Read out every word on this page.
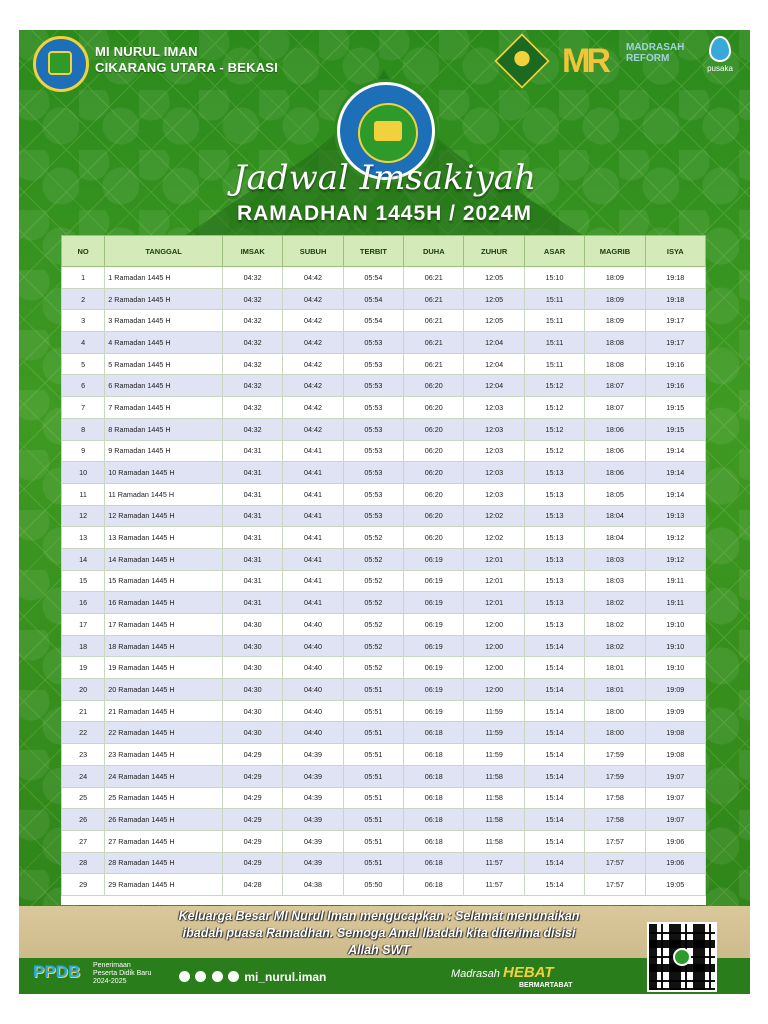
MI NURUL IMAN
CIKARANG UTARA - BEKASI	MR MADRASAH REFORM
pusaka
Jadwal Imsakiyah
RAMADHAN 1445H / 2024M
NO	TANGGAL	IMSAK	SUBUH	TERBIT	DUHA	ZUHUR	ASAR	MAGRIB	ISYA
1	1 Ramadan 1445 H	04:32	04:42	05:54	06:21	12:05	15:10	18:09	19:18
2	2 Ramadan 1445 H	04:32	04:42	05:54	06:21	12:05	15:11	18:09	19:18
3	3 Ramadan 1445 H	04:32	04:42	05:54	06:21	12:05	15:11	18:09	19:17
4	4 Ramadan 1445 H	04:32	04:42	05:53	06:21	12:04	15:11	18:08	19:17
5	5 Ramadan 1445 H	04:32	04:42	05:53	06:21	12:04	15:11	18:08	19:16
6	6 Ramadan 1445 H	04:32	04:42	05:53	06:20	12:04	15:12	18:07	19:16
7	7 Ramadan 1445 H	04:32	04:42	05:53	06:20	12:03	15:12	18:07	19:15
8	8 Ramadan 1445 H	04:32	04:42	05:53	06:20	12:03	15:12	18:06	19:15
9	9 Ramadan 1445 H	04:31	04:41	05:53	06:20	12:03	15:12	18:06	19:14
10	10 Ramadan 1445 H	04:31	04:41	05:53	06:20	12:03	15:13	18:06	19:14
11	11 Ramadan 1445 H	04:31	04:41	05:53	06:20	12:03	15:13	18:05	19:14
12	12 Ramadan 1445 H	04:31	04:41	05:53	06:20	12:02	15:13	18:04	19:13
13	13 Ramadan 1445 H	04:31	04:41	05:52	06:20	12:02	15:13	18:04	19:12
14	14 Ramadan 1445 H	04:31	04:41	05:52	06:19	12:01	15:13	18:03	19:12
15	15 Ramadan 1445 H	04:31	04:41	05:52	06:19	12:01	15:13	18:03	19:11
16	16 Ramadan 1445 H	04:31	04:41	05:52	06:19	12:01	15:13	18:02	19:11
17	17 Ramadan 1445 H	04:30	04:40	05:52	06:19	12:00	15:13	18:02	19:10
18	18 Ramadan 1445 H	04:30	04:40	05:52	06:19	12:00	15:14	18:02	19:10
19	19 Ramadan 1445 H	04:30	04:40	05:52	06:19	12:00	15:14	18:01	19:10
20	20 Ramadan 1445 H	04:30	04:40	05:51	06:19	12:00	15:14	18:01	19:09
21	21 Ramadan 1445 H	04:30	04:40	05:51	06:19	11:59	15:14	18:00	19:09
22	22 Ramadan 1445 H	04:30	04:40	05:51	06:18	11:59	15:14	18:00	19:08
23	23 Ramadan 1445 H	04:29	04:39	05:51	06:18	11:59	15:14	17:59	19:08
24	24 Ramadan 1445 H	04:29	04:39	05:51	06:18	11:58	15:14	17:59	19:07
25	25 Ramadan 1445 H	04:29	04:39	05:51	06:18	11:58	15:14	17:58	19:07
26	26 Ramadan 1445 H	04:29	04:39	05:51	06:18	11:58	15:14	17:58	19:07
27	27 Ramadan 1445 H	04:29	04:39	05:51	06:18	11:58	15:14	17:57	19:06
28	28 Ramadan 1445 H	04:29	04:39	05:51	06:18	11:57	15:14	17:57	19:06
29	29 Ramadan 1445 H	04:28	04:38	05:50	06:18	11:57	15:14	17:57	19:05
Keluarga Besar MI Nurul Iman mengucapkan : Selamat menunaikan
ibadah puasa Ramadhan. Semoga Amal Ibadah kita diterima disisi
Allah SWT
PPDB Penerimaan
Peserta Didik Baru
2024-2025	mi_nurul.iman	Madrasah HEBAT
BERMARTABAT
